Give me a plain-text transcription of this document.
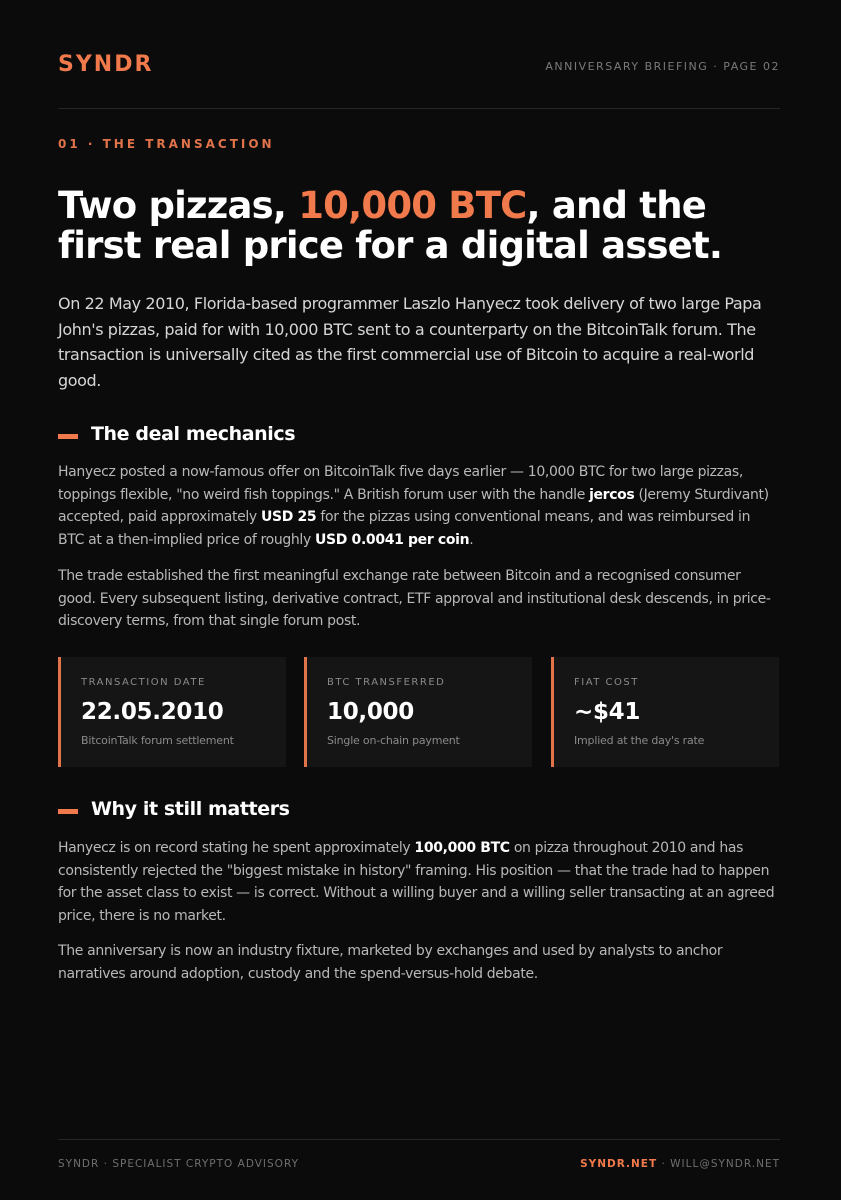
SYNDR	ANNIVERSARY BRIEFING · PAGE 02
01 · THE TRANSACTION
Two pizzas, 10,000 BTC, and the first real price for a digital asset.

On 22 May 2010, Florida-based programmer Laszlo Hanyecz took delivery of two large Papa John's pizzas, paid for with 10,000 BTC sent to a counterparty on the BitcoinTalk forum. The transaction is universally cited as the first commercial use of Bitcoin to acquire a real-world good.

The deal mechanics

Hanyecz posted a now-famous offer on BitcoinTalk five days earlier — 10,000 BTC for two large pizzas, toppings flexible, "no weird fish toppings." A British forum user with the handle jercos (Jeremy Sturdivant) accepted, paid approximately USD 25 for the pizzas using conventional means, and was reimbursed in BTC at a then-implied price of roughly USD 0.0041 per coin.

The trade established the first meaningful exchange rate between Bitcoin and a recognised consumer good. Every subsequent listing, derivative contract, ETF approval and institutional desk descends, in price-discovery terms, from that single forum post.

TRANSACTION DATE
22.05.2010
BitcoinTalk forum settlement
BTC TRANSFERRED
10,000
Single on-chain payment
FIAT COST
~$41
Implied at the day's rate
Why it still matters

Hanyecz is on record stating he spent approximately 100,000 BTC on pizza throughout 2010 and has consistently rejected the "biggest mistake in history" framing. His position — that the trade had to happen for the asset class to exist — is correct. Without a willing buyer and a willing seller transacting at an agreed price, there is no market.

The anniversary is now an industry fixture, marketed by exchanges and used by analysts to anchor narratives around adoption, custody and the spend-versus-hold debate.

SYNDR · SPECIALIST CRYPTO ADVISORY	SYNDR.NET · WILL@SYNDR.NET
